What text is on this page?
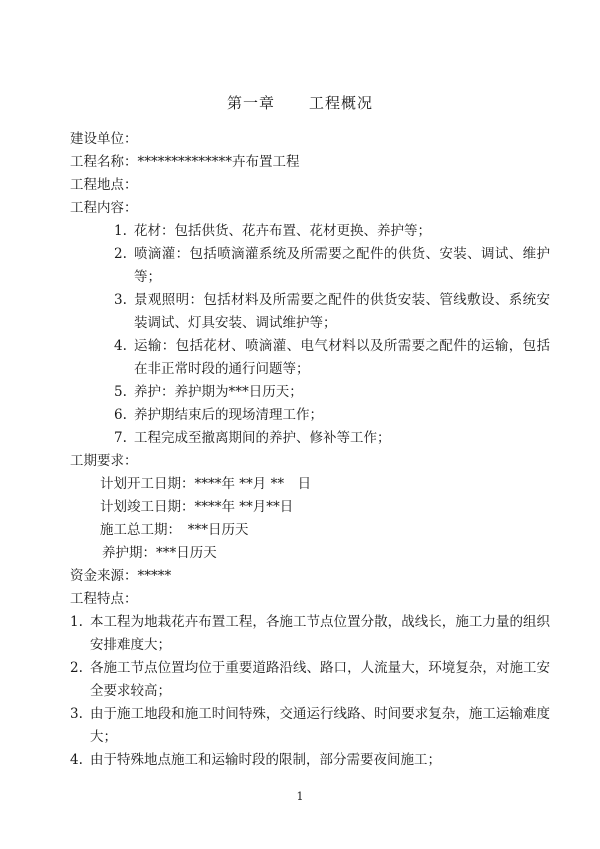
第一章 工程概况
建设单位：
工程名称：**************卉布置工程
工程地点：
工程内容：
1. 花材：包括供货、花卉布置、花材更换、养护等；
2. 喷滴灌：包括喷滴灌系统及所需要之配件的供货、安装、调试、维护等；
3. 景观照明：包括材料及所需要之配件的供货安装、管线敷设、系统安装调试、灯具安装、调试维护等；
4. 运输：包括花材、喷滴灌、电气材料以及所需要之配件的运输，包括在非正常时段的通行问题等；
5. 养护：养护期为***日历天；
6. 养护期结束后的现场清理工作；
7. 工程完成至撤离期间的养护、修补等工作；
工期要求：
计划开工日期：****年 **月 **　日
计划竣工日期：****年 **月**日
施工总工期：　***日历天
养护期：***日历天
资金来源：*****
工程特点：
1. 本工程为地栽花卉布置工程，各施工节点位置分散，战线长，施工力量的组织安排难度大；
2. 各施工节点位置均位于重要道路沿线、路口，人流量大，环境复杂，对施工安全要求较高；
3. 由于施工地段和施工时间特殊，交通运行线路、时间要求复杂，施工运输难度大；
4. 由于特殊地点施工和运输时段的限制，部分需要夜间施工；
1
